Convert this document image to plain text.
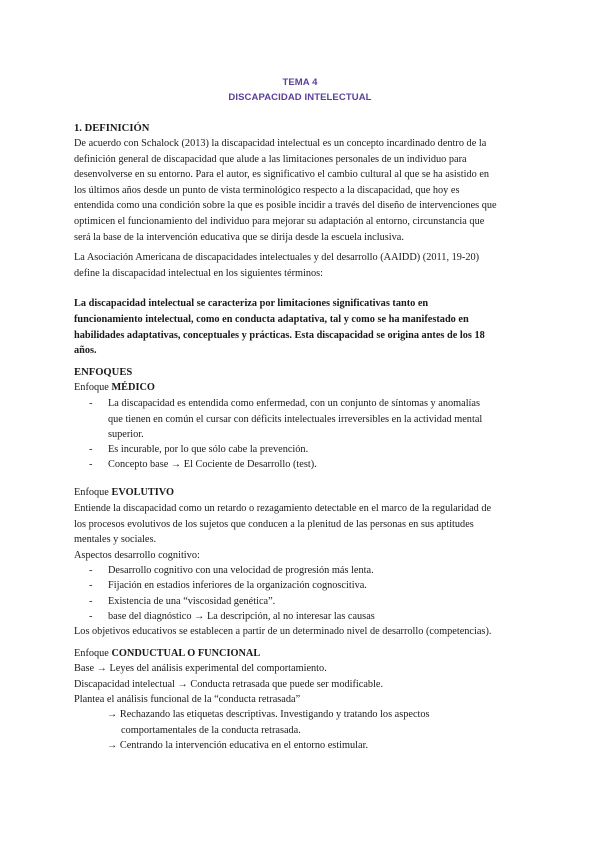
TEMA 4
DISCAPACIDAD INTELECTUAL
1. DEFINICIÓN
De acuerdo con Schalock (2013) la discapacidad intelectual es un concepto incardinado dentro de la
definición general de discapacidad que alude a las limitaciones personales de un individuo para
desenvolverse en su entorno. Para el autor, es significativo el cambio cultural al que se ha asistido en
los últimos años desde un punto de vista terminológico respecto a la discapacidad, que hoy es
entendida como una condición sobre la que es posible incidir a través del diseño de intervenciones que
optimicen el funcionamiento del individuo para mejorar su adaptación al entorno, circunstancia que
será la base de la intervención educativa que se dirija desde la escuela inclusiva.
La Asociación Americana de discapacidades intelectuales y del desarrollo (AAIDD) (2011, 19-20)
define la discapacidad intelectual en los siguientes términos:
La discapacidad intelectual se caracteriza por limitaciones significativas tanto en
funcionamiento intelectual, como en conducta adaptativa, tal y como se ha manifestado en
habilidades adaptativas, conceptuales y prácticas. Esta discapacidad se origina antes de los 18
años.
ENFOQUES
Enfoque MÉDICO
- La discapacidad es entendida como enfermedad, con un conjunto de síntomas y anomalías
que tienen en común el cursar con déficits intelectuales irreversibles en la actividad mental
superior.
- Es incurable, por lo que sólo cabe la prevención.
- Concepto base → El Cociente de Desarrollo (test).
Enfoque EVOLUTIVO
Entiende la discapacidad como un retardo o rezagamiento detectable en el marco de la regularidad de
los procesos evolutivos de los sujetos que conducen a la plenitud de las personas en sus aptitudes
mentales y sociales.
Aspectos desarrollo cognitivo:
- Desarrollo cognitivo con una velocidad de progresión más lenta.
- Fijación en estadios inferiores de la organización cognoscitiva.
- Existencia de una “viscosidad genética”.
- base del diagnóstico → La descripción, al no interesar las causas
Los objetivos educativos se establecen a partir de un determinado nivel de desarrollo (competencias).
Enfoque CONDUCTUAL O FUNCIONAL
Base → Leyes del análisis experimental del comportamiento.
Discapacidad intelectual → Conducta retrasada que puede ser modificable.
Plantea el análisis funcional de la “conducta retrasada”
→ Rechazando las etiquetas descriptivas. Investigando y tratando los aspectos
comportamentales de la conducta retrasada.
→ Centrando la intervención educativa en el entorno estimular.
